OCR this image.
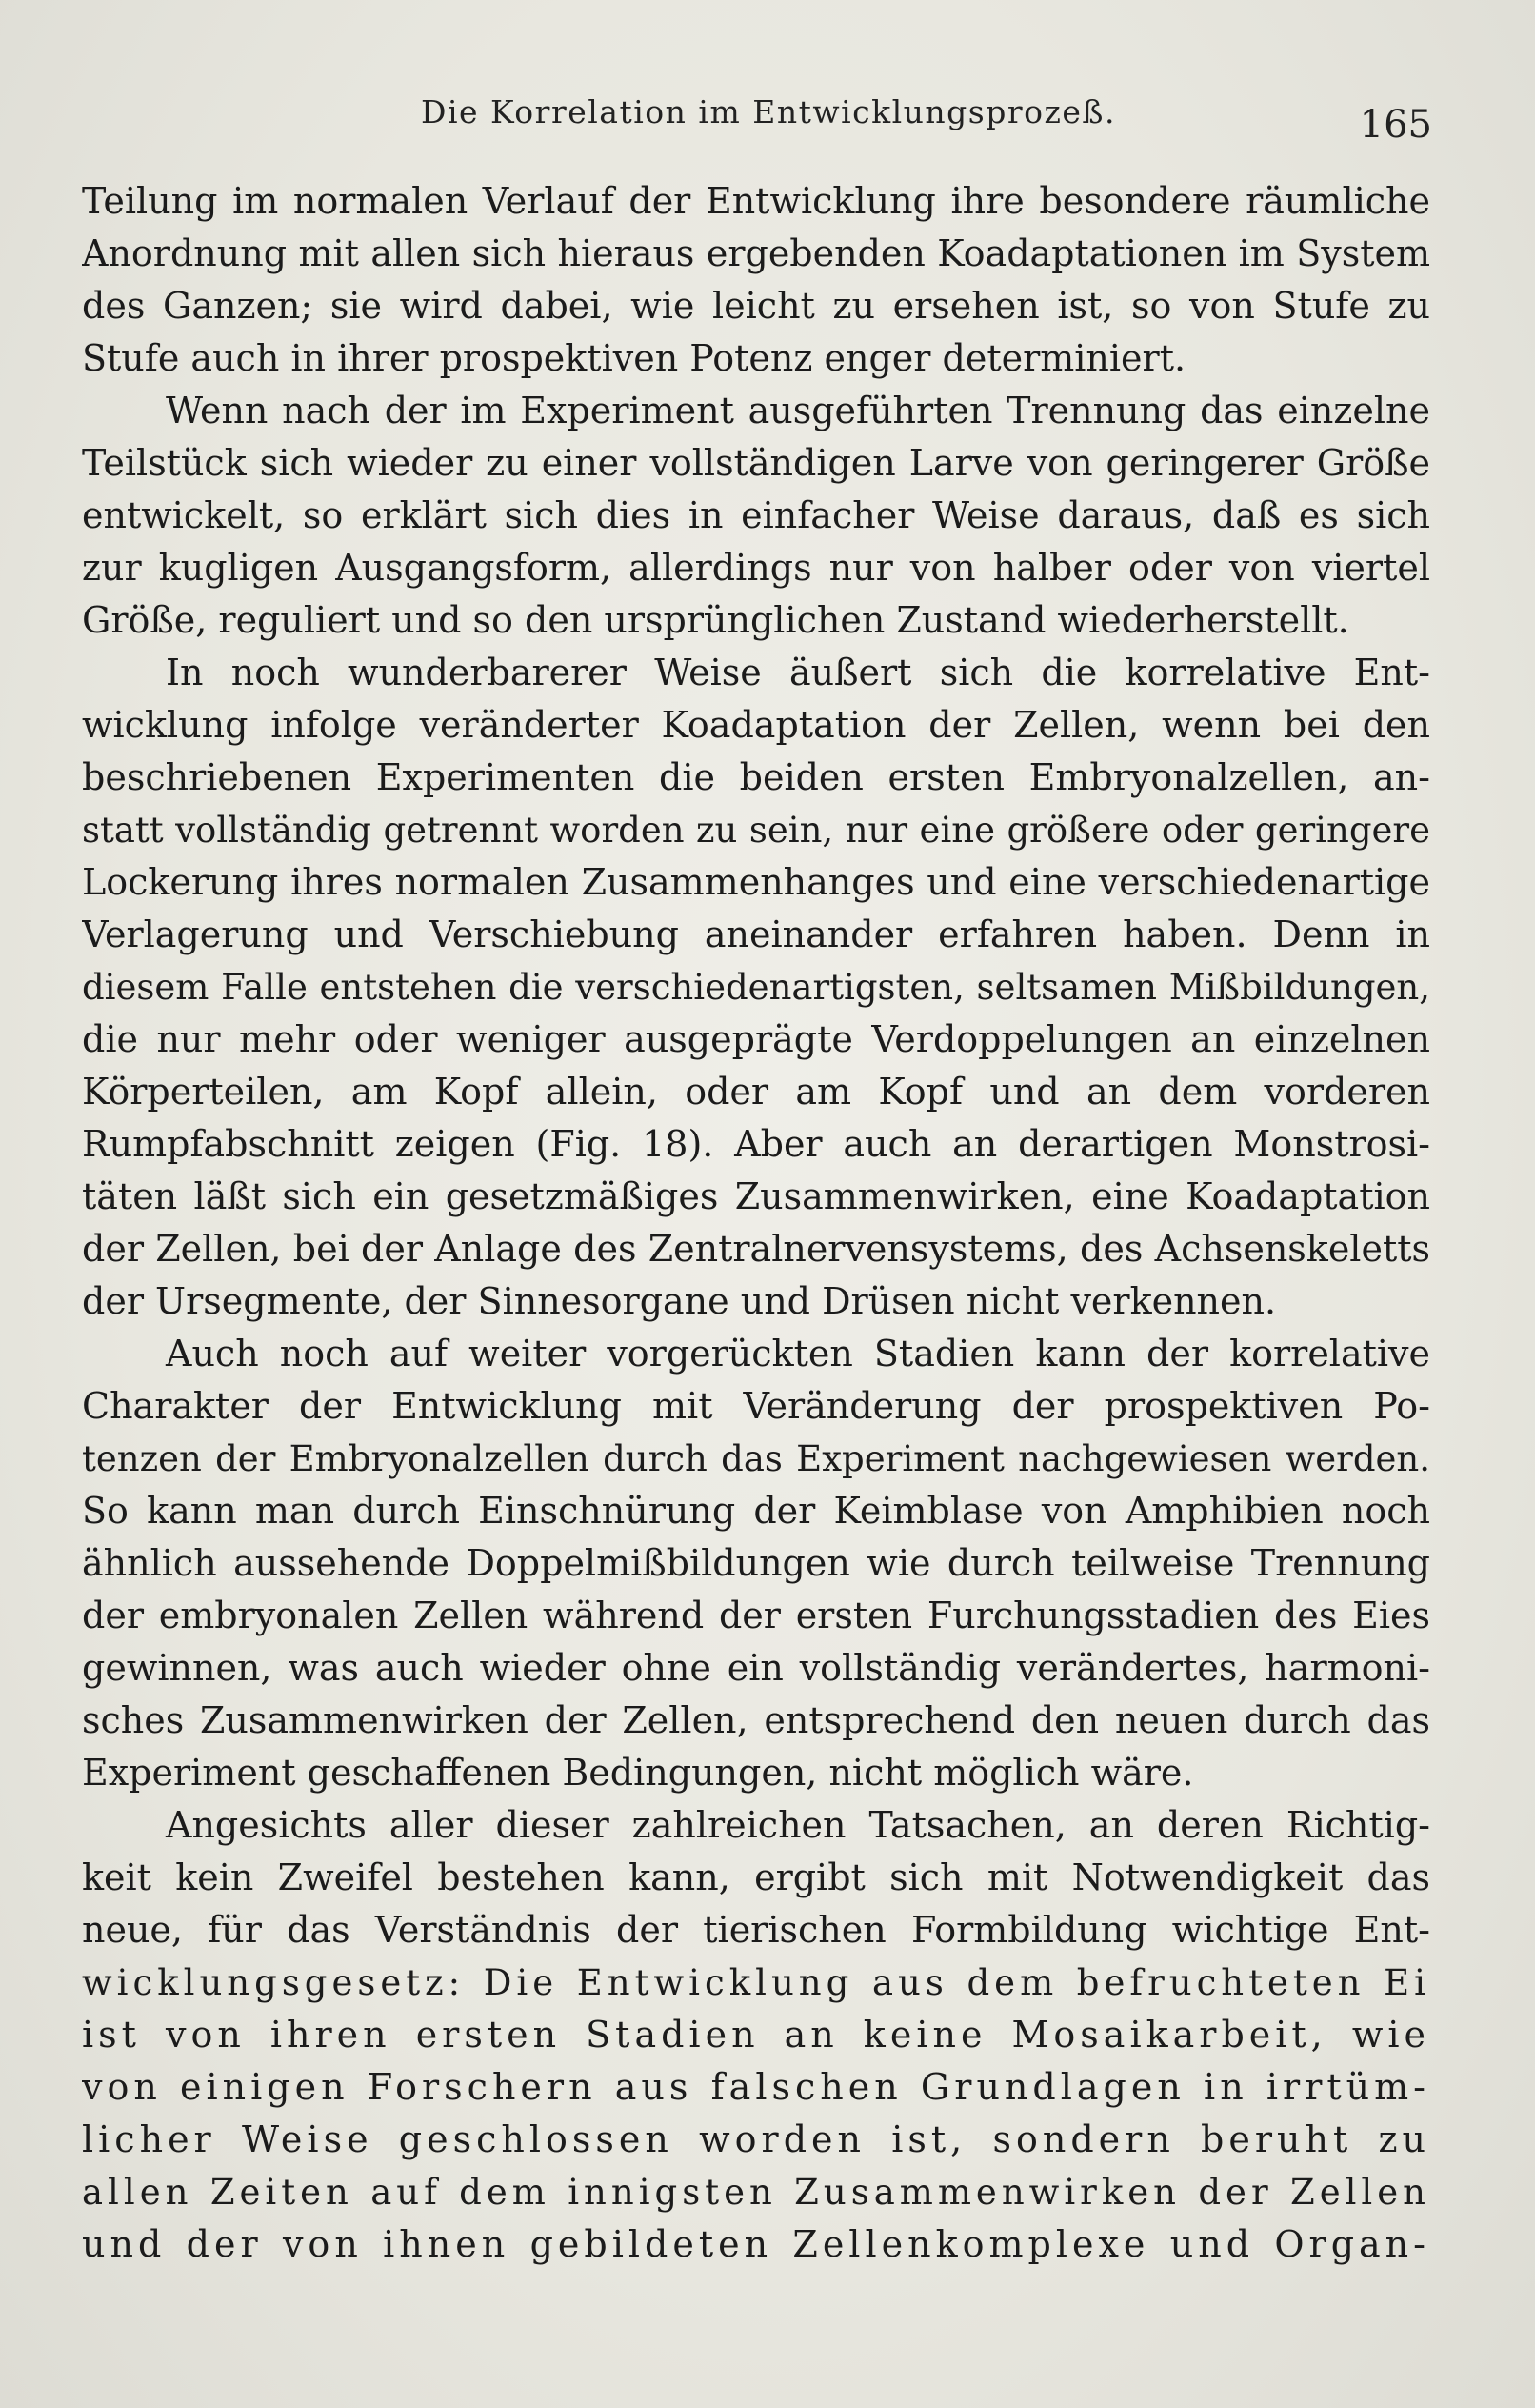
Die Korrelation im Entwicklungsprozeß.	165
Teilung im normalen Verlauf der Entwicklung ihre besondere räumliche
Anordnung mit allen sich hieraus ergebenden Koadaptationen im System
des Ganzen; sie wird dabei, wie leicht zu ersehen ist, so von Stufe zu
Stufe auch in ihrer prospektiven Potenz enger determiniert.
Wenn nach der im Experiment ausgeführten Trennung das einzelne
Teilstück sich wieder zu einer vollständigen Larve von geringerer Größe
entwickelt, so erklärt sich dies in einfacher Weise daraus, daß es sich
zur kugligen Ausgangsform, allerdings nur von halber oder von viertel
Größe, reguliert und so den ursprünglichen Zustand wiederherstellt.
In noch wunderbarerer Weise äußert sich die korrelative Ent-
wicklung infolge veränderter Koadaptation der Zellen, wenn bei den
beschriebenen Experimenten die beiden ersten Embryonalzellen, an-
statt vollständig getrennt worden zu sein, nur eine größere oder geringere
Lockerung ihres normalen Zusammenhanges und eine verschiedenartige
Verlagerung und Verschiebung aneinander erfahren haben. Denn in
diesem Falle entstehen die verschiedenartigsten, seltsamen Mißbildungen,
die nur mehr oder weniger ausgeprägte Verdoppelungen an einzelnen
Körperteilen, am Kopf allein, oder am Kopf und an dem vorderen
Rumpfabschnitt zeigen (Fig. 18). Aber auch an derartigen Monstrosi-
täten läßt sich ein gesetzmäßiges Zusammenwirken, eine Koadaptation
der Zellen, bei der Anlage des Zentralnervensystems, des Achsenskeletts
der Ursegmente, der Sinnesorgane und Drüsen nicht verkennen.
Auch noch auf weiter vorgerückten Stadien kann der korrelative
Charakter der Entwicklung mit Veränderung der prospektiven Po-
tenzen der Embryonalzellen durch das Experiment nachgewiesen werden.
So kann man durch Einschnürung der Keimblase von Amphibien noch
ähnlich aussehende Doppelmißbildungen wie durch teilweise Trennung
der embryonalen Zellen während der ersten Furchungsstadien des Eies
gewinnen, was auch wieder ohne ein vollständig verändertes, harmoni-
sches Zusammenwirken der Zellen, entsprechend den neuen durch das
Experiment geschaffenen Bedingungen, nicht möglich wäre.
Angesichts aller dieser zahlreichen Tatsachen, an deren Richtig-
keit kein Zweifel bestehen kann, ergibt sich mit Notwendigkeit das
neue, für das Verständnis der tierischen Formbildung wichtige Ent-
wicklungsgesetz: Die Entwicklung aus dem befruchteten Ei
ist von ihren ersten Stadien an keine Mosaikarbeit, wie
von einigen Forschern aus falschen Grundlagen in irrtüm-
licher Weise geschlossen worden ist, sondern beruht zu
allen Zeiten auf dem innigsten Zusammenwirken der Zellen
und der von ihnen gebildeten Zellenkomplexe und Organ-
